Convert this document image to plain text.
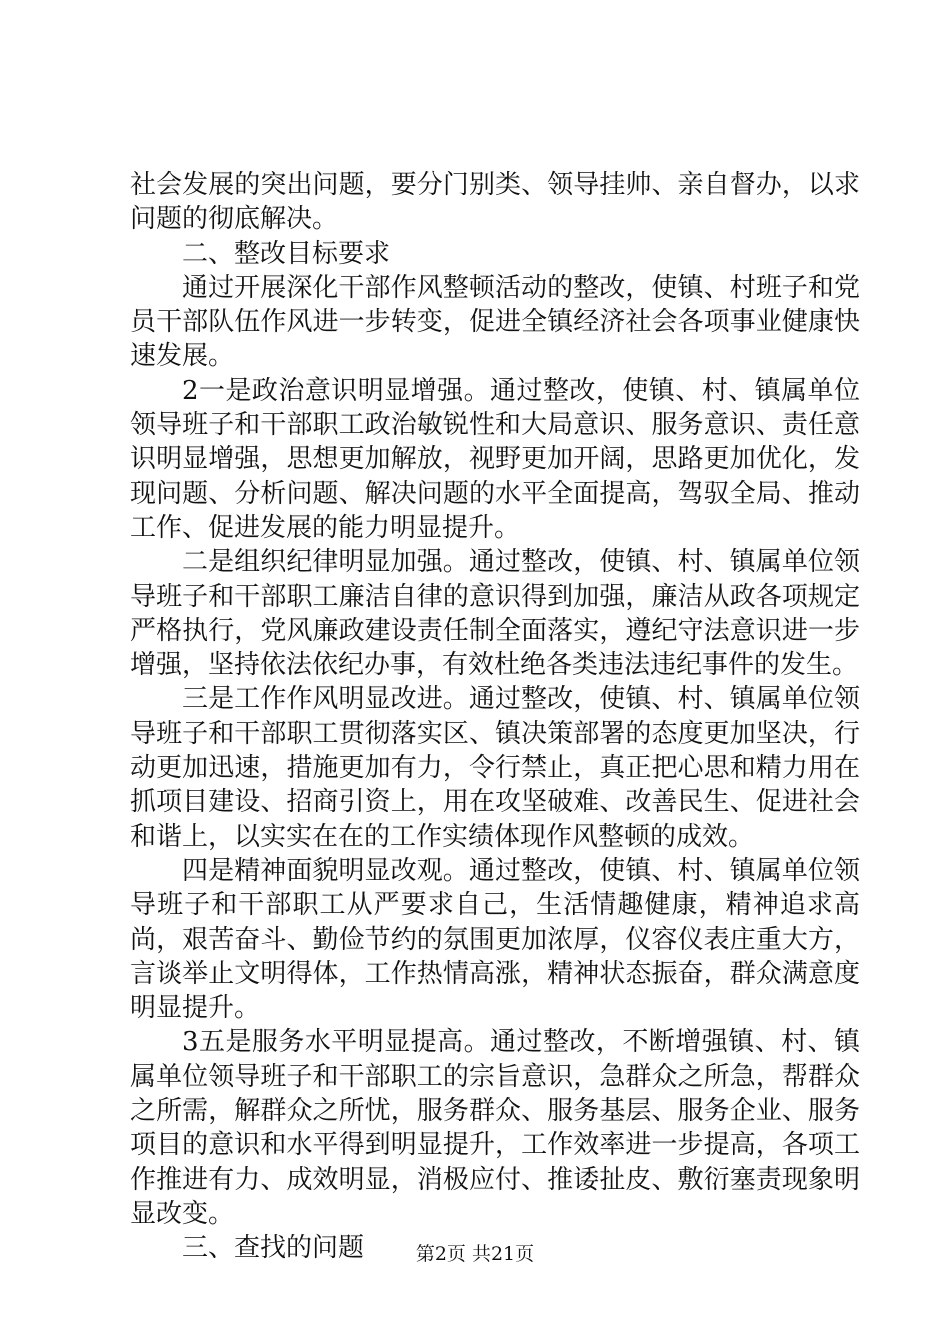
社会发展的突出问题，要分门别类、领导挂帅、亲自督办，以求问题的彻底解决。

二、整改目标要求

通过开展深化干部作风整顿活动的整改，使镇、村班子和党员干部队伍作风进一步转变，促进全镇经济社会各项事业健康快速发展。

2一是政治意识明显增强。通过整改，使镇、村、镇属单位领导班子和干部职工政治敏锐性和大局意识、服务意识、责任意识明显增强，思想更加解放，视野更加开阔，思路更加优化，发现问题、分析问题、解决问题的水平全面提高，驾驭全局、推动工作、促进发展的能力明显提升。

二是组织纪律明显加强。通过整改，使镇、村、镇属单位领导班子和干部职工廉洁自律的意识得到加强，廉洁从政各项规定严格执行，党风廉政建设责任制全面落实，遵纪守法意识进一步增强，坚持依法依纪办事，有效杜绝各类违法违纪事件的发生。

三是工作作风明显改进。通过整改，使镇、村、镇属单位领导班子和干部职工贯彻落实区、镇决策部署的态度更加坚决，行动更加迅速，措施更加有力，令行禁止，真正把心思和精力用在抓项目建设、招商引资上，用在攻坚破难、改善民生、促进社会和谐上，以实实在在的工作实绩体现作风整顿的成效。

四是精神面貌明显改观。通过整改，使镇、村、镇属单位领导班子和干部职工从严要求自己，生活情趣健康，精神追求高尚，艰苦奋斗、勤俭节约的氛围更加浓厚，仪容仪表庄重大方，言谈举止文明得体，工作热情高涨，精神状态振奋，群众满意度明显提升。

3五是服务水平明显提高。通过整改，不断增强镇、村、镇属单位领导班子和干部职工的宗旨意识，急群众之所急，帮群众之所需，解群众之所忧，服务群众、服务基层、服务企业、服务项目的意识和水平得到明显提升，工作效率进一步提高，各项工作推进有力、成效明显，消极应付、推诿扯皮、敷衍塞责现象明显改变。

三、查找的问题	第2页 共21页
